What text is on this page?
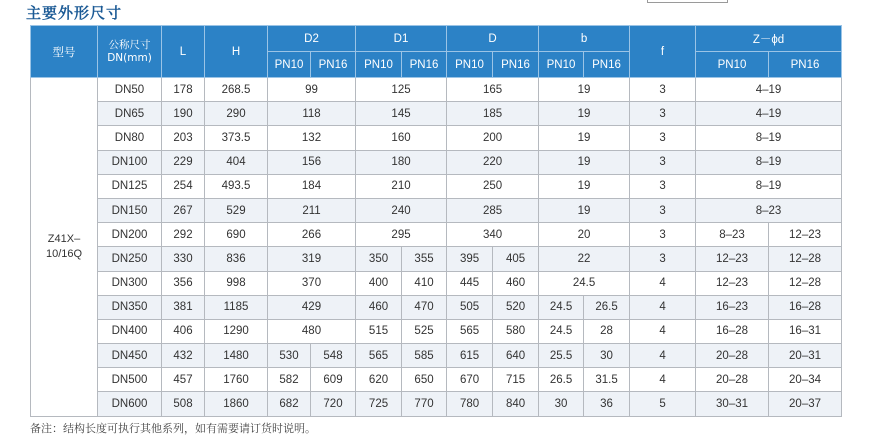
主要外形尺寸
型号	公称尺寸
DN(mm)	L	H	D2		D1		D		b		f	Z－ϕd	
				PN10	PN16	PN10	PN16	PN10	PN16	PN10	PN16		PN10	PN16
Z41X–
10/16Q	DN50	178	268.5	99		125		165		19		3	4–19	
	DN65	190	290	118		145		185		19		3	4–19	
	DN80	203	373.5	132		160		200		19		3	8–19	
	DN100	229	404	156		180		220		19		3	8–19	
	DN125	254	493.5	184		210		250		19		3	8–19	
	DN150	267	529	211		240		285		19		3	8–23	
	DN200	292	690	266		295		340		20		3	8–23	12–23
	DN250	330	836	319		350	355	395	405	22		3	12–23	12–28
	DN300	356	998	370		400	410	445	460	24.5		4	12–23	12–28
	DN350	381	1185	429		460	470	505	520	24.5	26.5	4	16–23	16–28
	DN400	406	1290	480		515	525	565	580	24.5	28	4	16–28	16–31
	DN450	432	1480	530	548	565	585	615	640	25.5	30	4	20–28	20–31
	DN500	457	1760	582	609	620	650	670	715	26.5	31.5	4	20–28	20–34
	DN600	508	1860	682	720	725	770	780	840	30	36	5	30–31	20–37

备注：结构长度可执行其他系列，如有需要请订货时说明。
